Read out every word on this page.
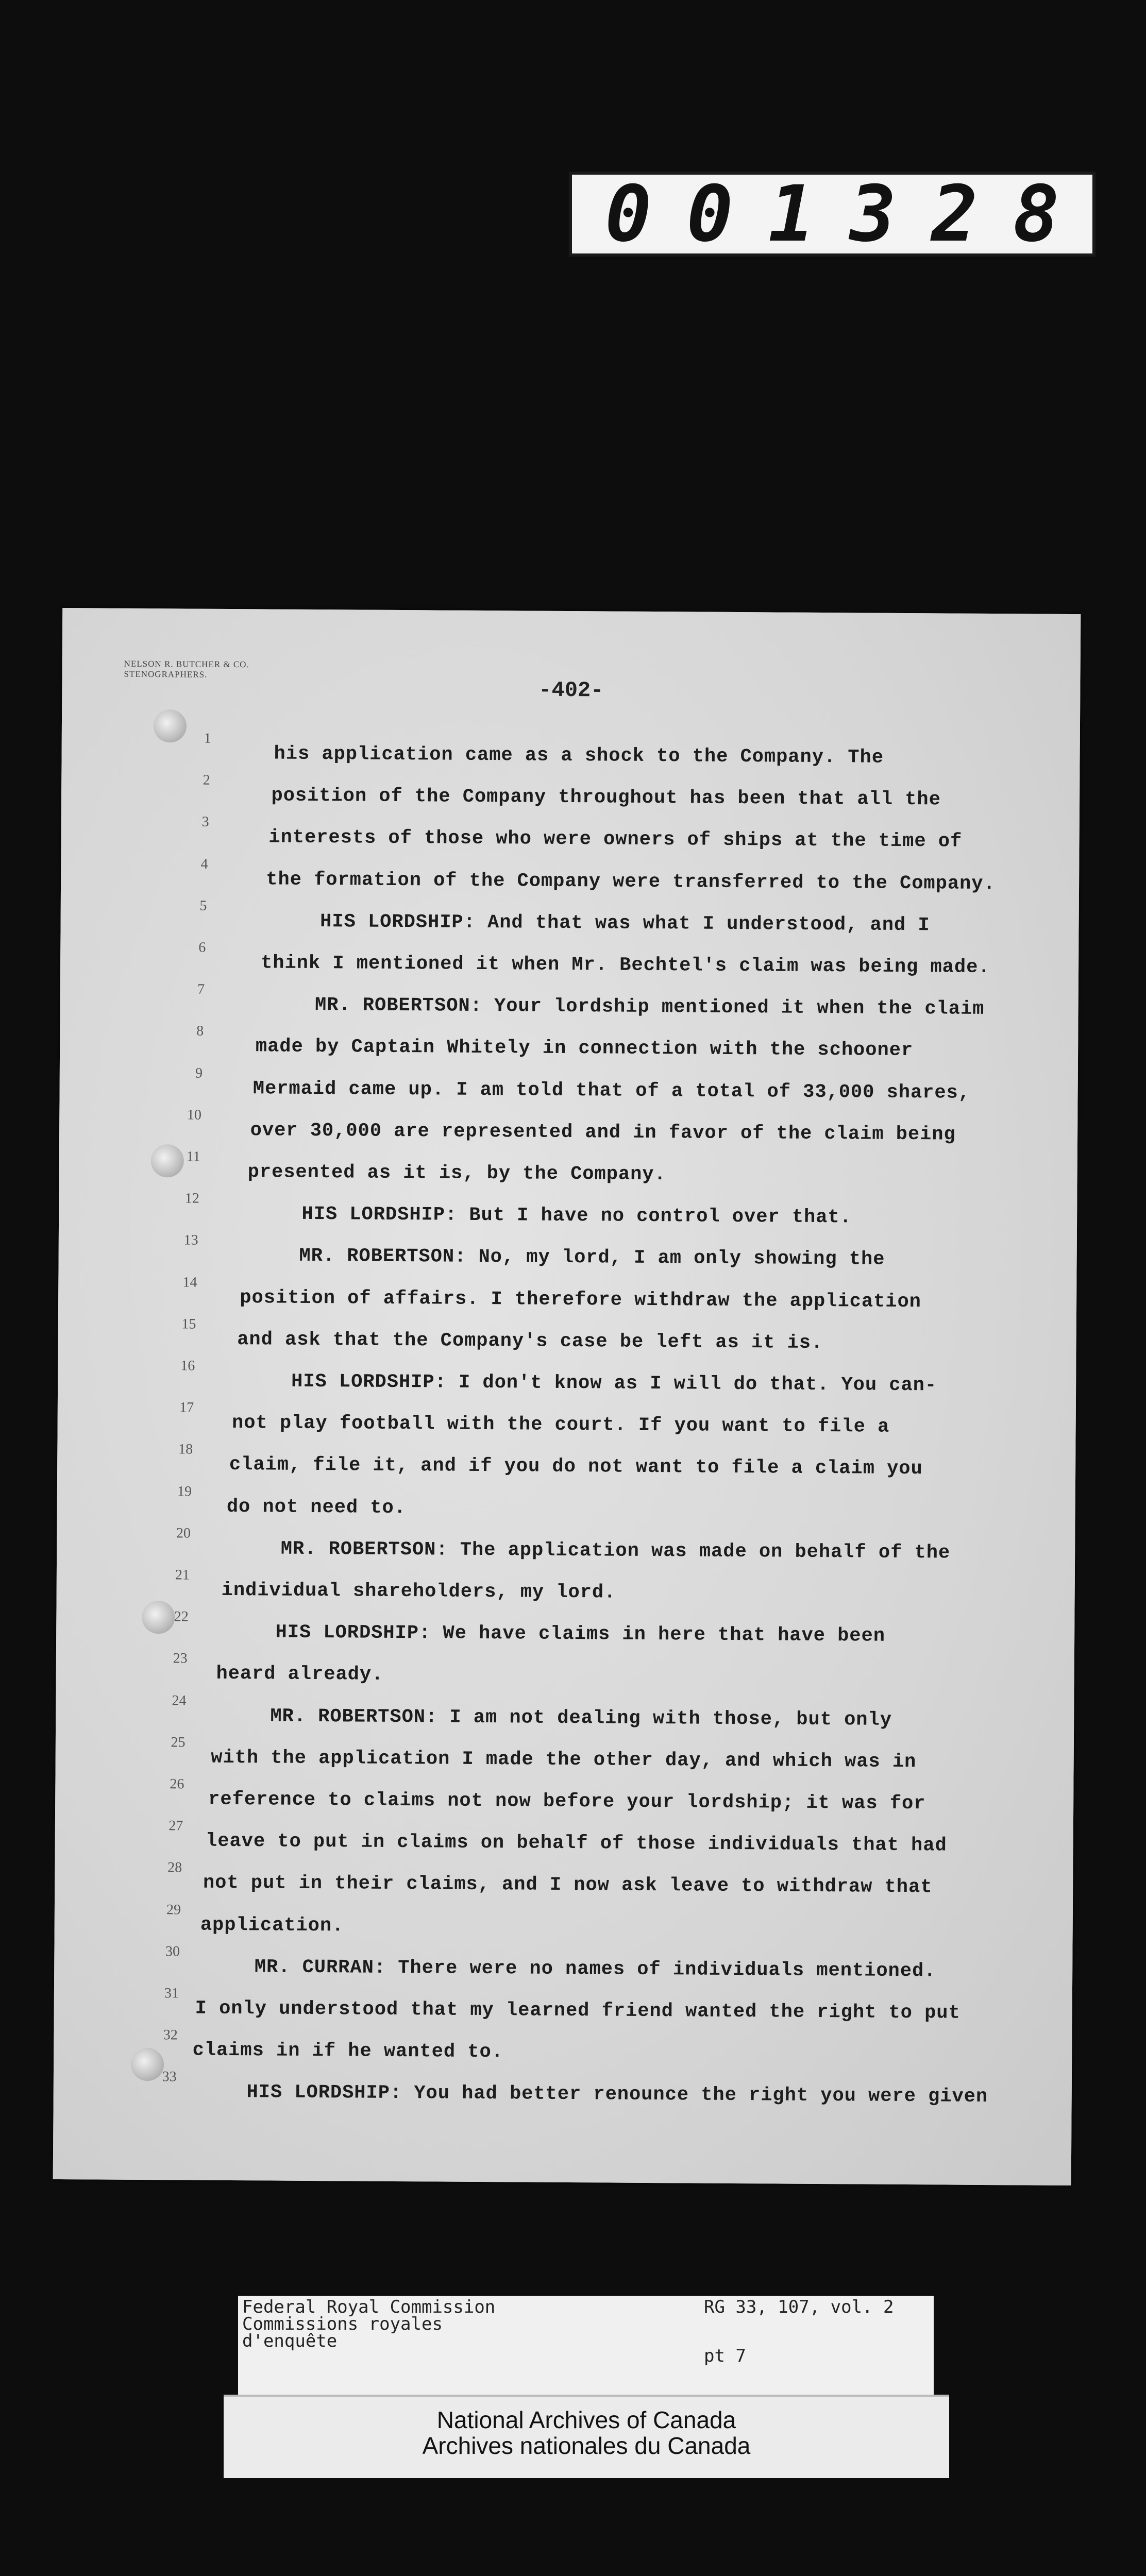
0 0 1 3 2 8
NELSON R. BUTCHER & CO.
STENOGRAPHERS.
-402-
1
2
3
4
5
6
7
8
9
10
11
12
13
14
15
16
17
18
19
20
21
22
23
24
25
26
27
28
29
30
31
32
33
his application came as a shock to the Company. The
position of the Company throughout has been that all the
interests of those who were owners of ships at the time of
the formation of the Company were transferred to the Company.
HIS LORDSHIP: And that was what I understood, and I
think I mentioned it when Mr. Bechtel's claim was being made.
MR. ROBERTSON: Your lordship mentioned it when the claim
made by Captain Whitely in connection with the schooner
Mermaid came up. I am told that of a total of 33,000 shares,
over 30,000 are represented and in favor of the claim being
presented as it is, by the Company.
HIS LORDSHIP: But I have no control over that.
MR. ROBERTSON: No, my lord, I am only showing the
position of affairs. I therefore withdraw the application
and ask that the Company's case be left as it is.
HIS LORDSHIP: I don't know as I will do that. You can-
not play football with the court. If you want to file a
claim, file it, and if you do not want to file a claim you
do not need to.
MR. ROBERTSON: The application was made on behalf of the
individual shareholders, my lord.
HIS LORDSHIP: We have claims in here that have been
heard already.
MR. ROBERTSON: I am not dealing with those, but only
with the application I made the other day, and which was in
reference to claims not now before your lordship; it was for
leave to put in claims on behalf of those individuals that had
not put in their claims, and I now ask leave to withdraw that
application.
MR. CURRAN: There were no names of individuals mentioned.
I only understood that my learned friend wanted the right to put
claims in if he wanted to.
HIS LORDSHIP: You had better renounce the right you were given
Federal Royal Commission
Commissions royales
d'enquête
RG 33, 107, vol. 2
pt 7
National Archives of Canada
Archives nationales du Canada
